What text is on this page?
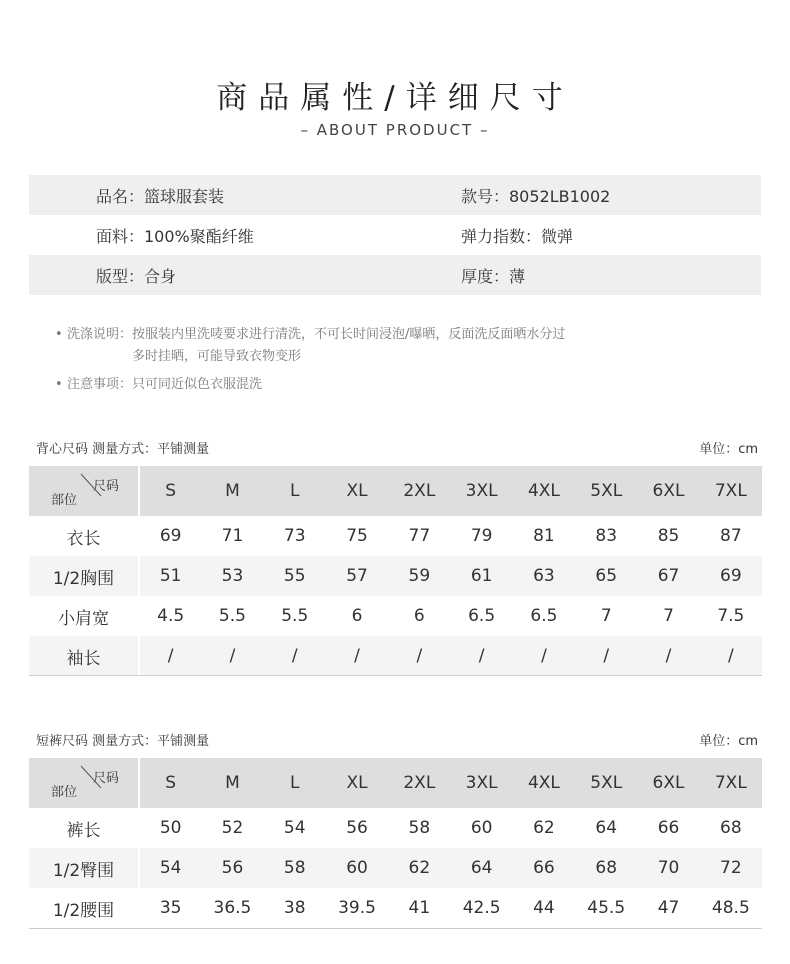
商品属性/详细尺寸
– ABOUT PRODUCT –
品名：篮球服套装	款号：8052LB1002
面料：100%聚酯纤维	弹力指数：微弹
版型：合身	厚度：薄
• 洗涤说明： 按服装内里洗唛要求进行清洗，不可长时间浸泡/曝晒，反面洗反面晒水分过多时挂晒，可能导致衣物变形
• 注意事项： 只可同近似色衣服混洗
背心尺码 测量方式：平铺测量	单位：cm
尺码
部位	S	M	L	XL	2XL	3XL	4XL	5XL	6XL	7XL
衣长	69	71	73	75	77	79	81	83	85	87
1/2胸围	51	53	55	57	59	61	63	65	67	69
小肩宽	4.5	5.5	5.5	6	6	6.5	6.5	7	7	7.5
袖长	/	/	/	/	/	/	/	/	/	/
短裤尺码 测量方式：平铺测量	单位：cm
尺码
部位	S	M	L	XL	2XL	3XL	4XL	5XL	6XL	7XL
裤长	50	52	54	56	58	60	62	64	66	68
1/2臀围	54	56	58	60	62	64	66	68	70	72
1/2腰围	35	36.5	38	39.5	41	42.5	44	45.5	47	48.5
